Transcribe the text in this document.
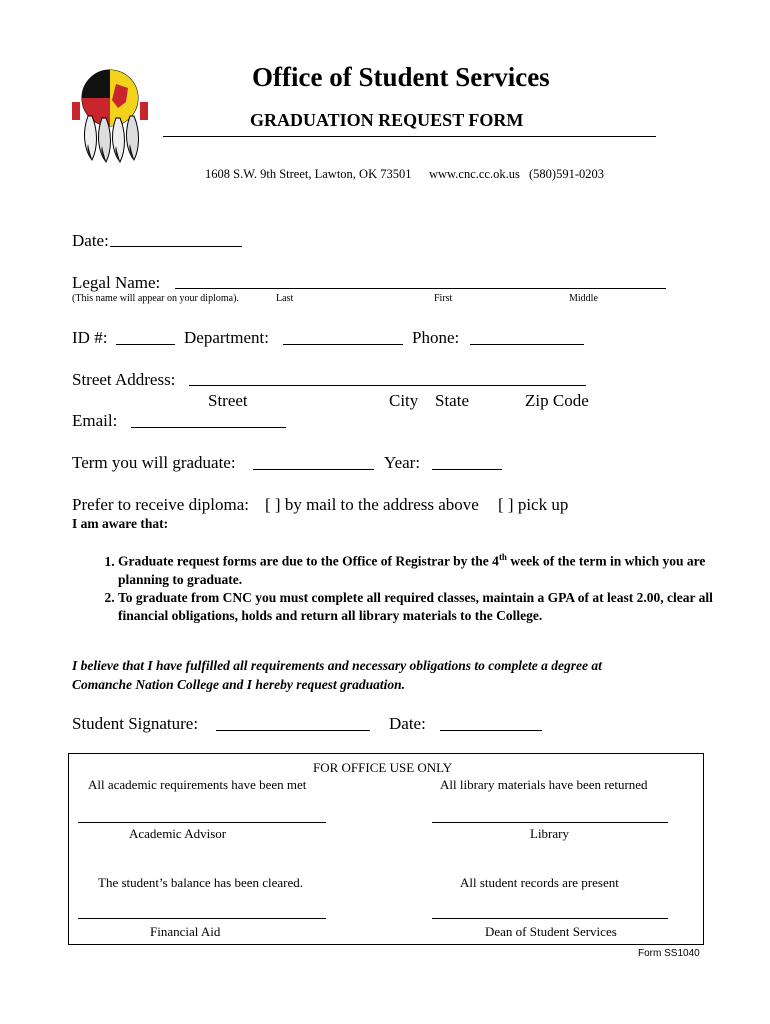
Office of Student Services
GRADUATION REQUEST FORM
1608 S.W. 9th Street, Lawton, OK 73501 www.cnc.cc.ok.us (580)591-0203
Date:
Legal Name:
(This name will appear on your diploma).	Last	First	Middle
ID #:	Department:	Phone:
Street Address:
Street	City State	Zip Code
Email:
Term you will graduate:	Year:
Prefer to receive diploma: [ ] by mail to the address above [ ] pick up
I am aware that:
1. Graduate request forms are due to the Office of Registrar by the 4th week of the term in which you are planning to graduate.
2. To graduate from CNC you must complete all required classes, maintain a GPA of at least 2.00, clear all financial obligations, holds and return all library materials to the College.
I believe that I have fulfilled all requirements and necessary obligations to complete a degree at
Comanche Nation College and I hereby request graduation.
Student Signature:	Date:
FOR OFFICE USE ONLY
All academic requirements have been met	All library materials have been returned
Academic Advisor	Library
The student’s balance has been cleared.	All student records are present
Financial Aid	Dean of Student Services
Form SS1040
